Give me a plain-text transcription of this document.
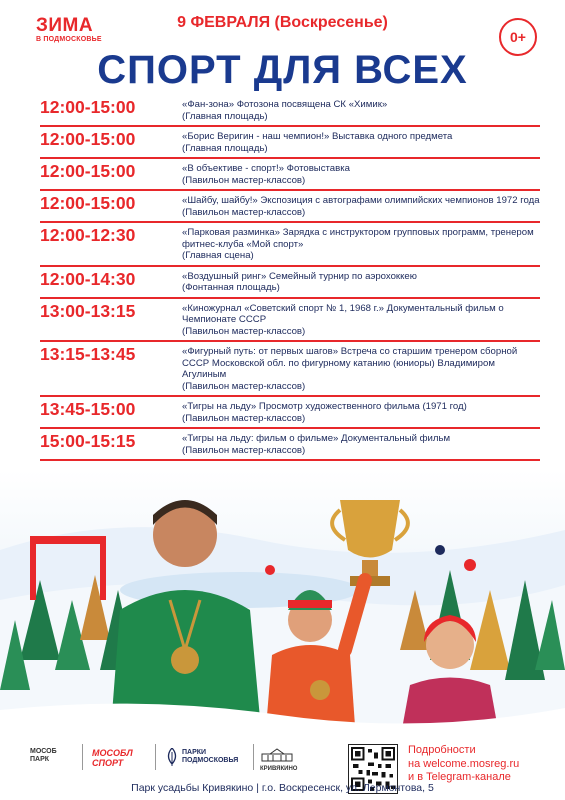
ЗИМА
В ПОДМОСКОВЬЕ
9 ФЕВРАЛЯ (Воскресенье)
0+
СПОРТ ДЛЯ ВСЕХ
12:00-15:00	«Фан-зона» Фотозона посвящена СК «Химик»
(Главная площадь)
12:00-15:00	«Борис Веригин - наш чемпион!» Выставка одного предмета
(Главная площадь)
12:00-15:00	«В объективе - спорт!» Фотовыставка
(Павильон мастер-классов)
12:00-15:00	«Шайбу, шайбу!» Экспозиция с автографами олимпийских чемпионов 1972 года
(Павильон мастер-классов)
12:00-12:30	«Парковая разминка» Зарядка с инструктором групповых программ, тренером фитнес-клуба «Мой спорт»
(Главная сцена)
12:00-14:30	«Воздушный ринг» Семейный турнир по аэрохоккею
(Фонтанная площадь)
13:00-13:15	«Киножурнал «Советский спорт № 1, 1968 г.» Документальный фильм о Чемпионате СССР
(Павильон мастер-классов)
13:15-13:45	«Фигурный путь: от первых шагов» Встреча со старшим тренером сборной СССР Московской обл. по фигурному катанию (юниоры) Владимиром Агулиным
(Павильон мастер-классов)
13:45-15:00	«Тигры на льду» Просмотр художественного фильма (1971 год)
(Павильон мастер-классов)
15:00-15:15	«Тигры на льду: фильм о фильме» Документальный фильм
(Павильон мастер-классов)
МОСОБ
ПАРК
МОСОБЛ
СПОРТ
ПАРКИ
ПОДМОСКОВЬЯ
КРИВЯКИНО
Подробности
на welcome.mosreg.ru
и в Telegram-канале
Парк усадьбы Кривякино | г.о. Воскресенск, ул. Лермонтова, 5
